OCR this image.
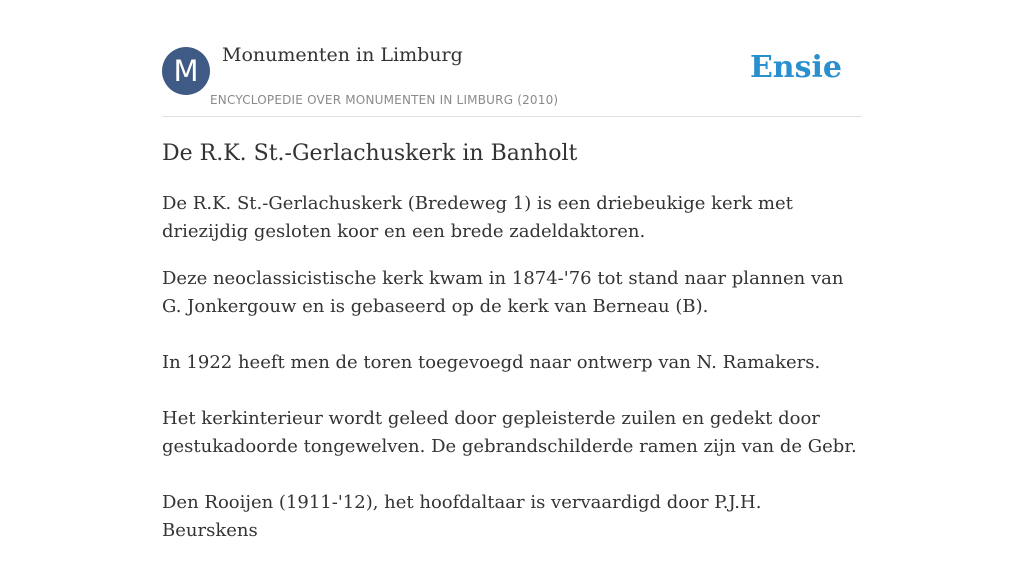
M	Monumenten in Limburg
ENCYCLOPEDIE OVER MONUMENTEN IN LIMBURG (2010)
Ensie
De R.K. St.-Gerlachuskerk in Banholt

De R.K. St.-Gerlachuskerk (Bredeweg 1) is een driebeukige kerk met driezijdig gesloten koor en een brede zadeldaktoren.

Deze neoclassicistische kerk kwam in 1874-'76 tot stand naar plannen van G. Jonkergouw en is gebaseerd op de kerk van Berneau (B).

In 1922 heeft men de toren toegevoegd naar ontwerp van N. Ramakers.

Het kerkinterieur wordt geleed door gepleisterde zuilen en gedekt door gestukadoorde tongewelven. De gebrandschilderde ramen zijn van de Gebr.

Den Rooijen (1911-'12), het hoofdaltaar is vervaardigd door P.J.H. Beurskens
